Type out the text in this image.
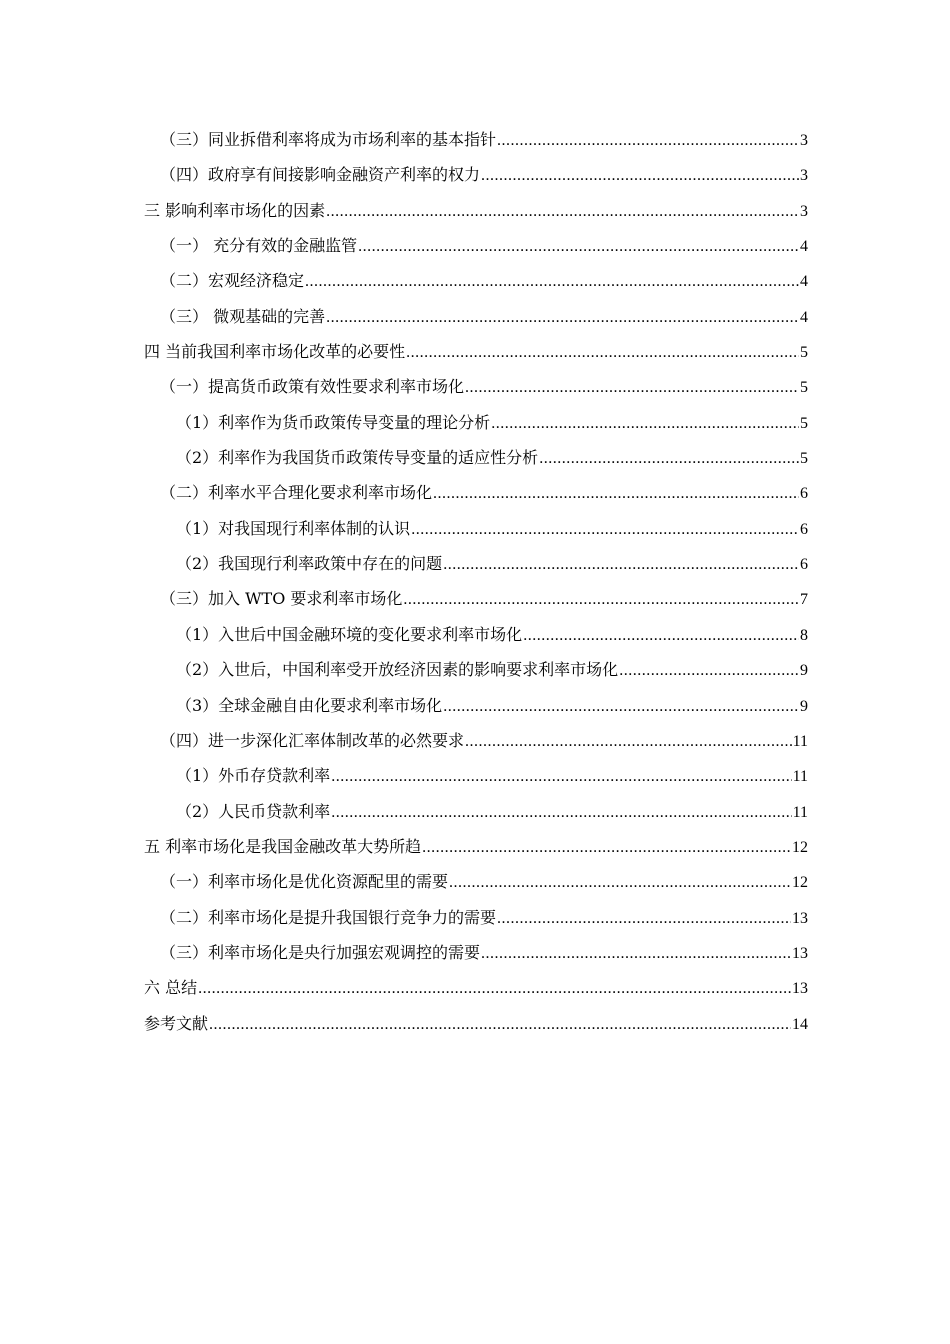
（三）同业拆借利率将成为市场利率的基本指针 .....	3
（四）政府享有间接影响金融资产利率的权力 .....	3
三 影响利率市场化的因素 .....	3
（一） 充分有效的金融监管 .....	4
（二）宏观经济稳定 .....	4
（三） 微观基础的完善 .....	4
四 当前我国利率市场化改革的必要性 .....	5
（一）提高货币政策有效性要求利率市场化 .....	5
（1）利率作为货币政策传导变量的理论分析 .....	5
（2）利率作为我国货币政策传导变量的适应性分析 .....	5
（二）利率水平合理化要求利率市场化 .....	6
（1）对我国现行利率体制的认识 .....	6
（2）我国现行利率政策中存在的问题 .....	6
（三）加入 WTO 要求利率市场化 .....	7
（1）入世后中国金融环境的变化要求利率市场化 .....	8
（2）入世后，中国利率受开放经济因素的影响要求利率市场化 .....	9
（3）全球金融自由化要求利率市场化 .....	9
（四）进一步深化汇率体制改革的必然要求 .....	11
（1）外币存贷款利率 .....	11
（2）人民币贷款利率 .....	11
五 利率市场化是我国金融改革大势所趋 .....	12
（一）利率市场化是优化资源配里的需要 .....	12
（二）利率市场化是提升我国银行竞争力的需要 .....	13
（三）利率市场化是央行加强宏观调控的需要 .....	13
六 总结 .....	13
参考文献 .....	14
